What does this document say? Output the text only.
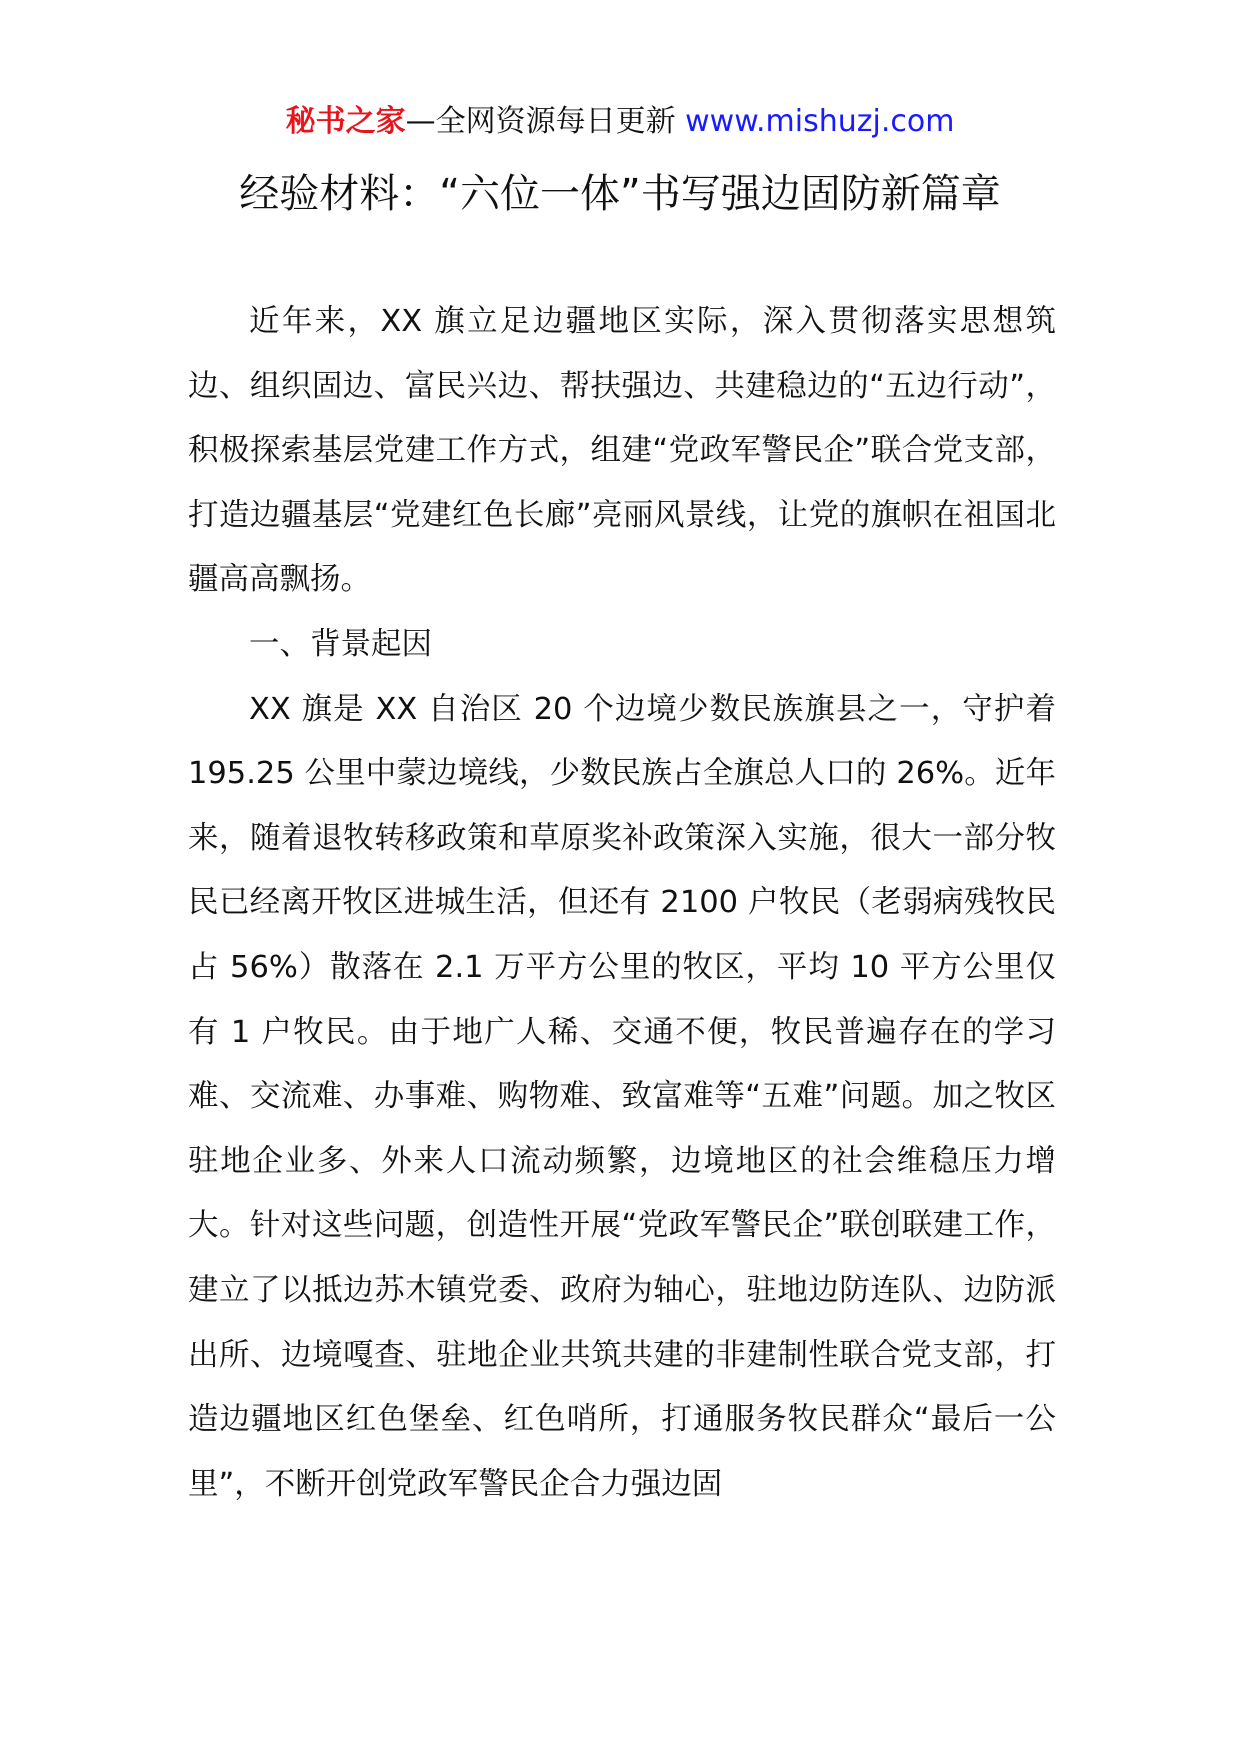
秘书之家—全网资源每日更新 www.mishuzj.com
经验材料：“六位一体”书写强边固防新篇章

近年来，XX 旗立足边疆地区实际，深入贯彻落实思想筑边、组织固边、富民兴边、帮扶强边、共建稳边的“五边行动”，积极探索基层党建工作方式，组建“党政军警民企”联合党支部，打造边疆基层“党建红色长廊”亮丽风景线，让党的旗帜在祖国北疆高高飘扬。

一、背景起因

XX 旗是 XX 自治区 20 个边境少数民族旗县之一，守护着 195.25 公里中蒙边境线，少数民族占全旗总人口的 26%。近年来，随着退牧转移政策和草原奖补政策深入实施，很大一部分牧民已经离开牧区进城生活，但还有 2100 户牧民（老弱病残牧民占 56%）散落在 2.1 万平方公里的牧区，平均 10 平方公里仅有 1 户牧民。由于地广人稀、交通不便，牧民普遍存在的学习难、交流难、办事难、购物难、致富难等“五难”问题。加之牧区驻地企业多、外来人口流动频繁，边境地区的社会维稳压力增大。针对这些问题，创造性开展“党政军警民企”联创联建工作，建立了以抵边苏木镇党委、政府为轴心，驻地边防连队、边防派出所、边境嘎查、驻地企业共筑共建的非建制性联合党支部，打造边疆地区红色堡垒、红色哨所，打通服务牧民群众“最后一公里”，不断开创党政军警民企合力强边固
